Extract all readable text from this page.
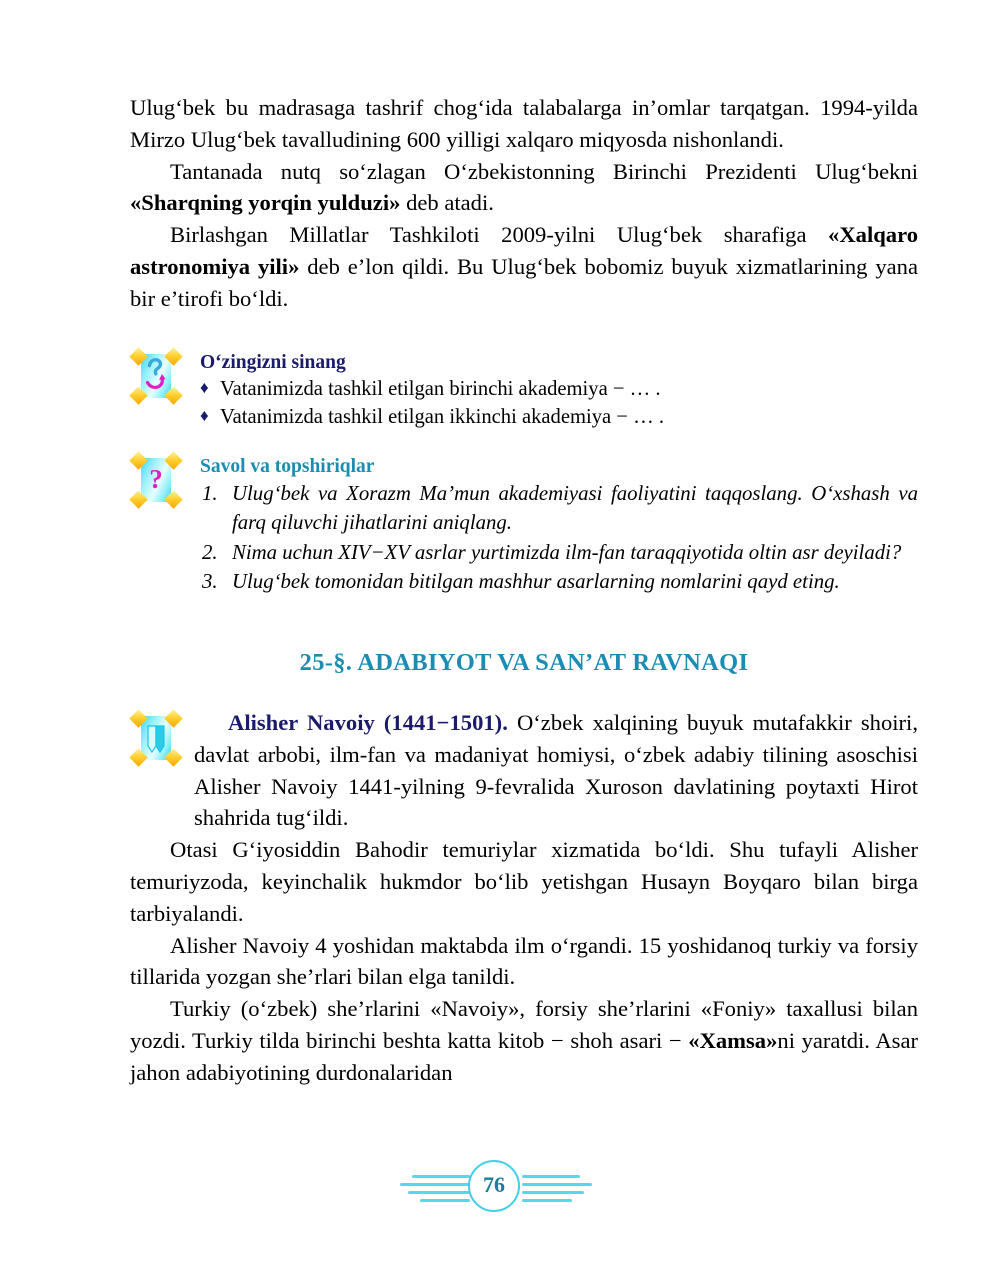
Ulug‘bek bu madrasaga tashrif chog‘ida talabalarga in’omlar tarqatgan. 1994-yilda Mirzo Ulug‘bek tavalludining 600 yilligi xalqaro miqyosda nishonlandi.

Tantanada nutq so‘zlagan O‘zbekistonning Birinchi Prezidenti Ulug‘bekni «Sharqning yorqin yulduzi» deb atadi.

Birlashgan Millatlar Tashkiloti 2009-yilni Ulug‘bek sharafiga «Xalqaro astronomiya yili» deb e’lon qildi. Bu Ulug‘bek bobomiz buyuk xizmatlarining yana bir e’tirofi bo‘ldi.

O‘zingizni sinang

♦ Vatanimizda tashkil etilgan birinchi akademiya − … .
♦ Vatanimizda tashkil etilgan ikkinchi akademiya − … .
? Savol va topshiriqlar

Ulug‘bek va Xorazm Ma’mun akademiyasi faoliyatini taqqoslang. O‘xshash va farq qiluvchi jihatlarini aniqlang.
Nima uchun XIV−XV asrlar yurtimizda ilm-fan taraqqiyotida oltin asr deyiladi?
Ulug‘bek tomonidan bitilgan mashhur asarlarning nomlarini qayd eting.
25-§. ADABIYOT VA SAN’AT RAVNAQI

Alisher Navoiy (1441−1501). O‘zbek xalqining buyuk mutafakkir shoiri, davlat arbobi, ilm-fan va madaniyat homiysi, o‘zbek adabiy tilining asoschisi Alisher Navoiy 1441-yilning 9-fevralida Xuroson davlatining poytaxti Hirot shahrida tug‘ildi.

Otasi G‘iyosiddin Bahodir temuriylar xizmatida bo‘ldi. Shu tufayli Alisher temuriyzoda, keyinchalik hukmdor bo‘lib yetishgan Husayn Boyqaro bilan birga tarbiyalandi.

Alisher Navoiy 4 yoshidan maktabda ilm o‘rgandi. 15 yoshidanoq turkiy va forsiy tillarida yozgan she’rlari bilan elga tanildi.

Turkiy (o‘zbek) she’rlarini «Navoiy», forsiy she’rlarini «Foniy» taxallusi bilan yozdi. Turkiy tilda birinchi beshta katta kitob − shoh asari − «Xamsa»ni yaratdi. Asar jahon adabiyotining durdonalaridan

76
